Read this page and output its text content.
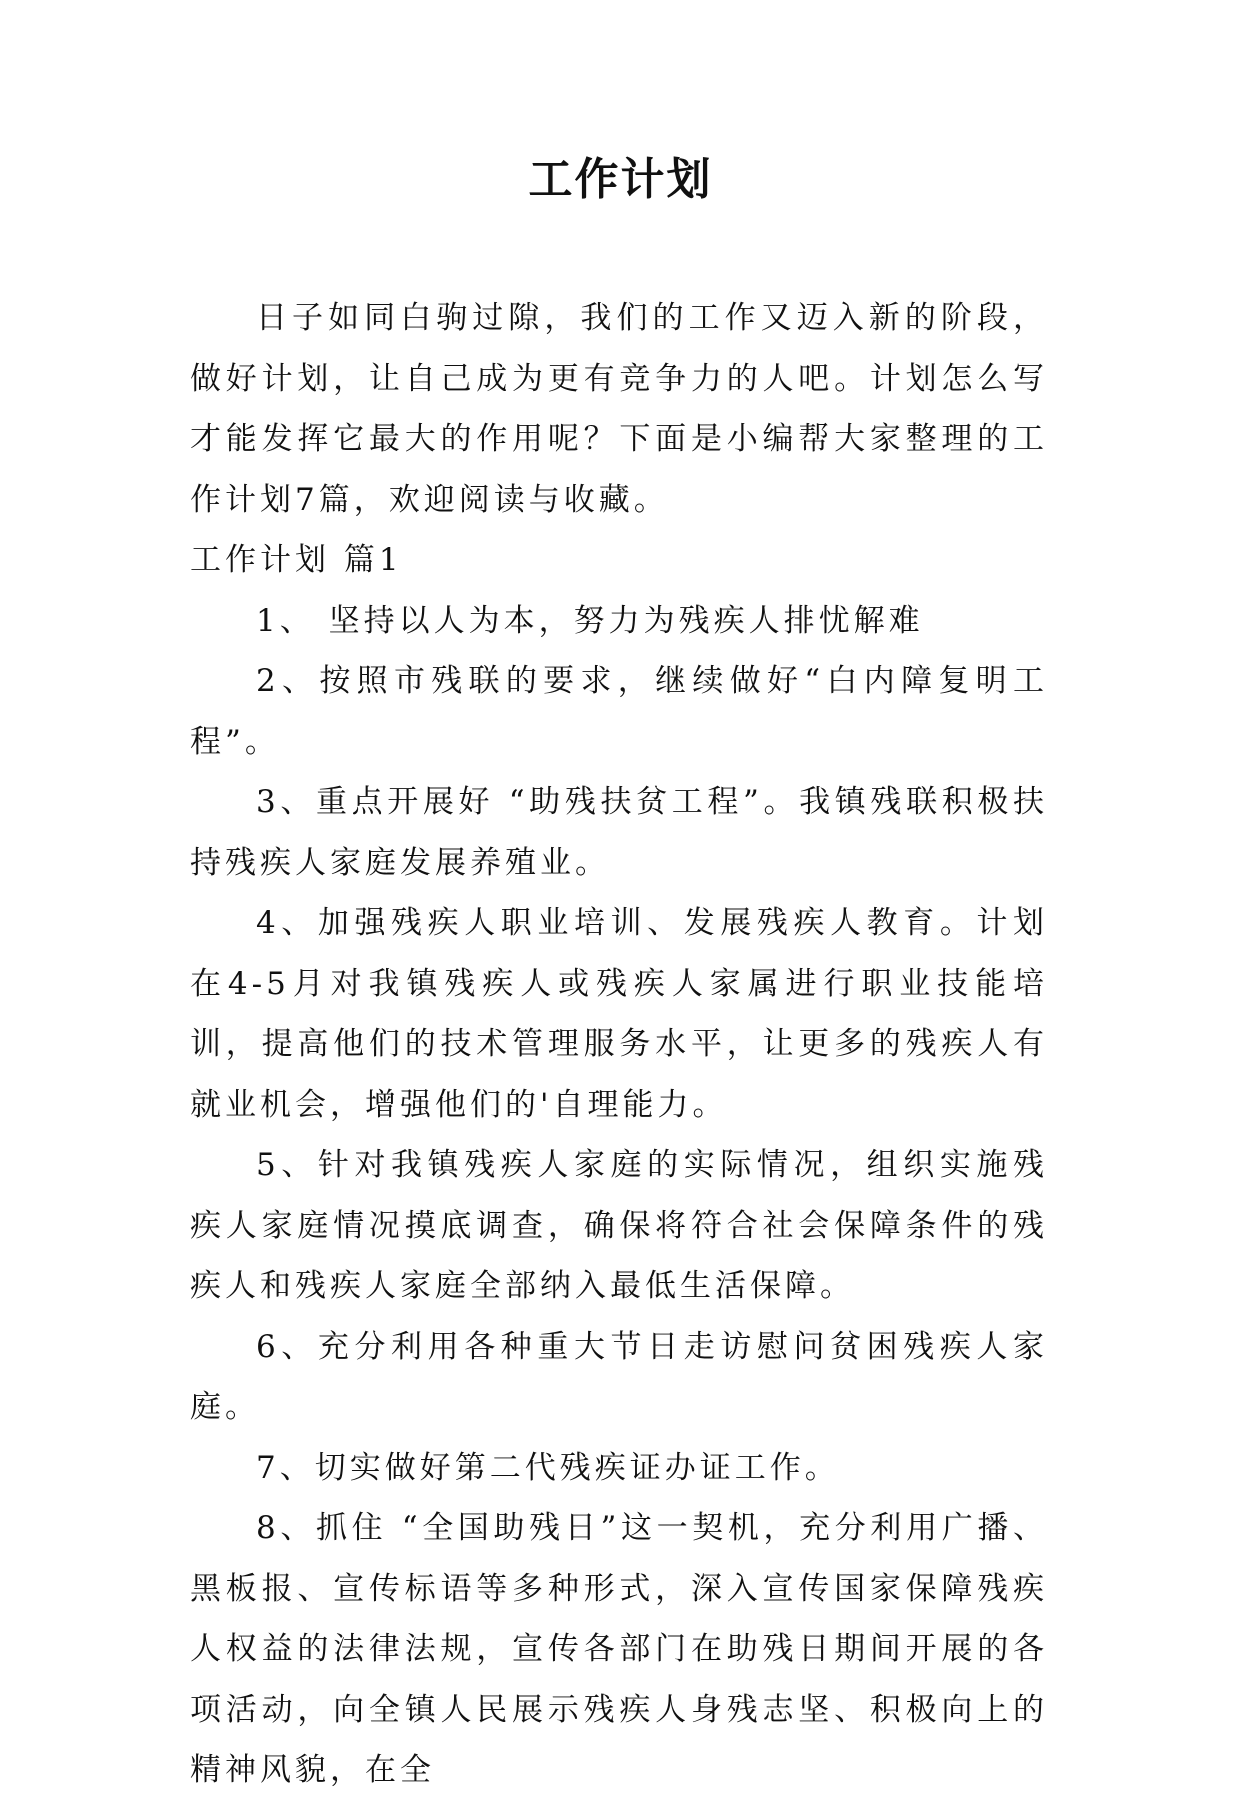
工作计划

日子如同白驹过隙，我们的工作又迈入新的阶段，做好计划，让自己成为更有竞争力的人吧。计划怎么写才能发挥它最大的作用呢？下面是小编帮大家整理的工作计划7篇，欢迎阅读与收藏。

工作计划 篇1

1、 坚持以人为本，努力为残疾人排忧解难

2、按照市残联的要求，继续做好“白内障复明工程”。

3、重点开展好 “助残扶贫工程”。我镇残联积极扶持残疾人家庭发展养殖业。

4、加强残疾人职业培训、发展残疾人教育。计划在4-5月对我镇残疾人或残疾人家属进行职业技能培训，提高他们的技术管理服务水平，让更多的残疾人有就业机会，增强他们的'自理能力。

5、针对我镇残疾人家庭的实际情况，组织实施残疾人家庭情况摸底调查，确保将符合社会保障条件的残疾人和残疾人家庭全部纳入最低生活保障。

6、充分利用各种重大节日走访慰问贫困残疾人家庭。

7、切实做好第二代残疾证办证工作。

8、抓住 “全国助残日”这一契机，充分利用广播、黑板报、宣传标语等多种形式，深入宣传国家保障残疾人权益的法律法规，宣传各部门在助残日期间开展的各项活动，向全镇人民展示残疾人身残志坚、积极向上的精神风貌，在全
